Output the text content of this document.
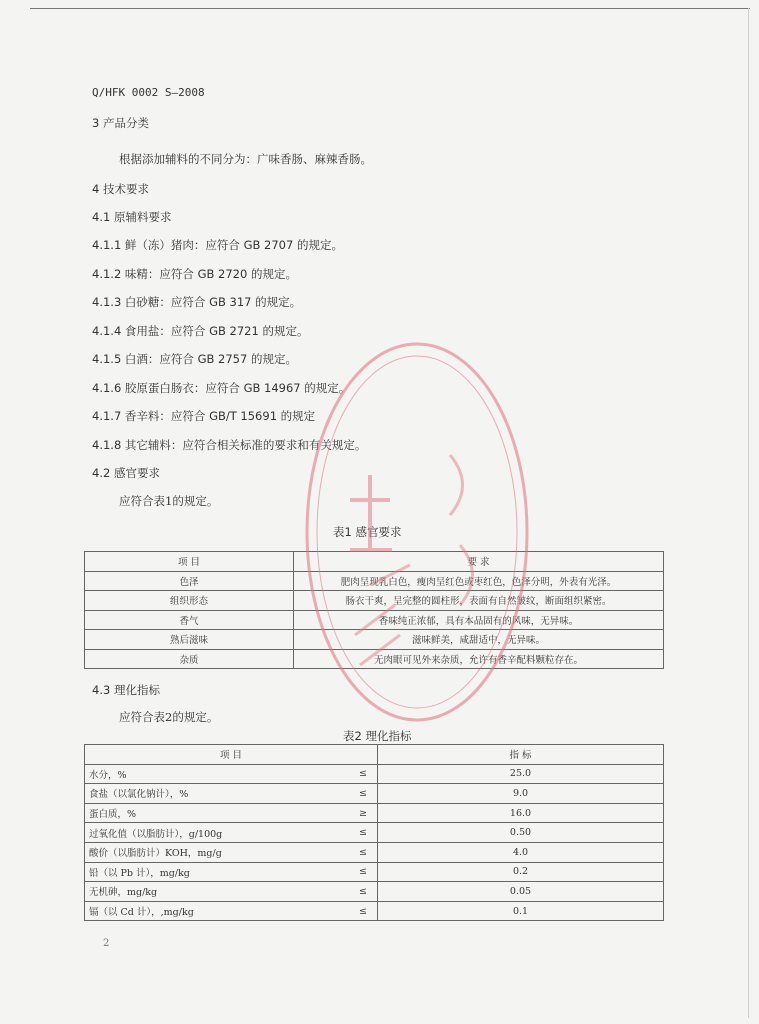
Q/HFK 0002 S—2008
3 产品分类
根据添加辅料的不同分为：广味香肠、麻辣香肠。
4 技术要求
4.1 原辅料要求
4.1.1 鲜（冻）猪肉：应符合 GB 2707 的规定。
4.1.2 味精：应符合 GB 2720 的规定。
4.1.3 白砂糖：应符合 GB 317 的规定。
4.1.4 食用盐：应符合 GB 2721 的规定。
4.1.5 白酒：应符合 GB 2757 的规定。
4.1.6 胶原蛋白肠衣：应符合 GB 14967 的规定。
4.1.7 香辛料：应符合 GB/T 15691 的规定
4.1.8 其它辅料：应符合相关标准的要求和有关规定。
4.2 感官要求
应符合表1的规定。
表1 感官要求
项 目	要 求
色泽	肥肉呈现乳白色，瘦肉呈红色或枣红色，色泽分明，外表有光泽。
组织形态	肠衣干爽，呈完整的圆柱形，表面有自然皱纹，断面组织紧密。
香气	香味纯正浓郁，具有本品固有的风味，无异味。
熟后滋味	滋味鲜美，咸甜适中，无异味。
杂质	无肉眼可见外来杂质，允许有香辛配料颗粒存在。
4.3 理化指标
应符合表2的规定。
表2 理化指标
项 目		指 标
水分，%	≤	25.0
食盐（以氯化钠计），%	≤	9.0
蛋白质，%	≥	16.0
过氧化值（以脂肪计），g/100g	≤	0.50
酸价（以脂肪计）KOH，mg/g	≤	4.0
铅（以 Pb 计），mg/kg	≤	0.2
无机砷，mg/kg	≤	0.05
镉（以 Cd 计），,mg/kg	≤	0.1
2
